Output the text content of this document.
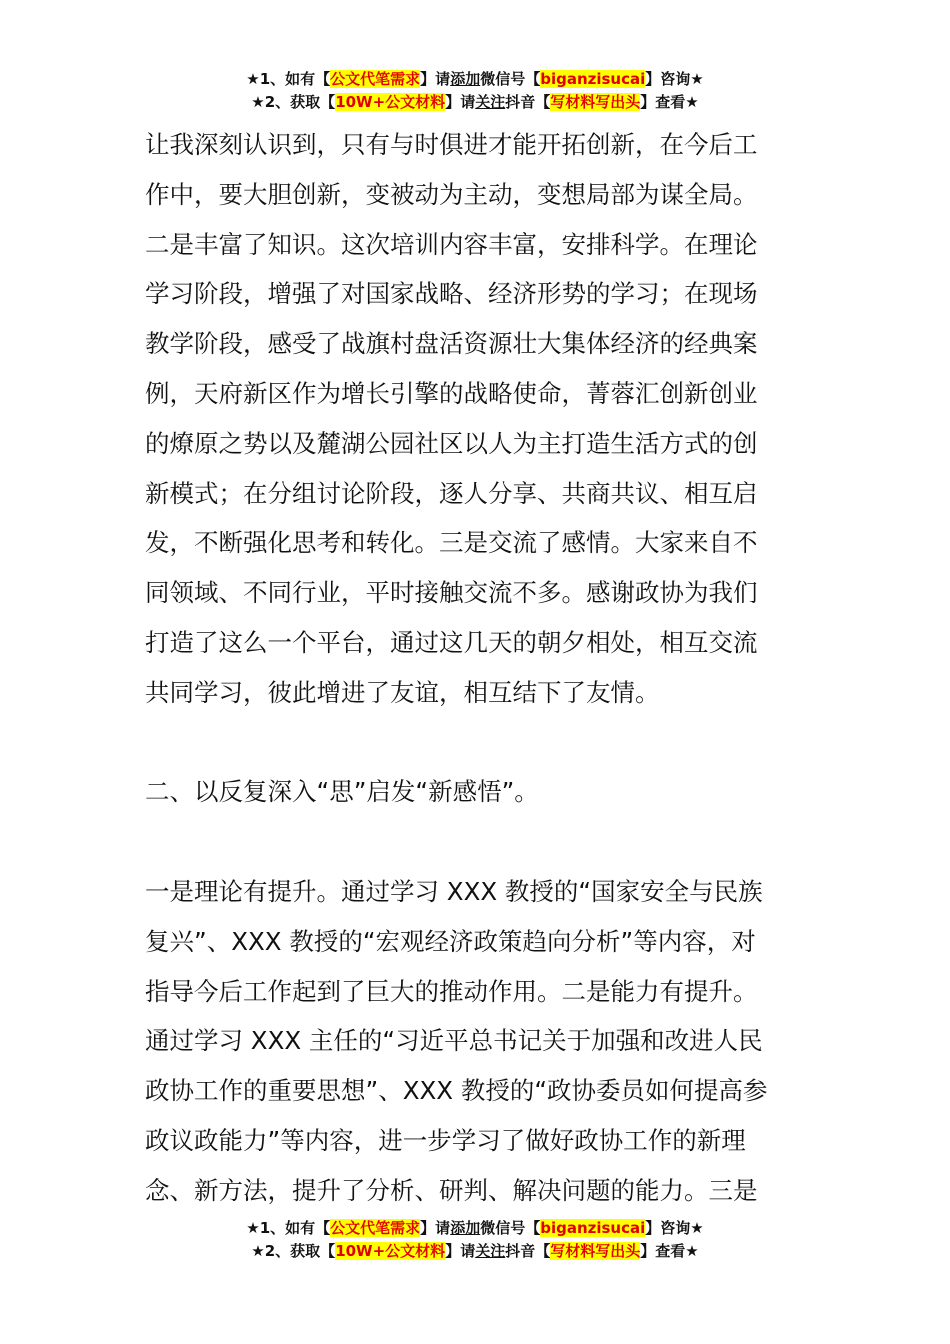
★1、如有【公文代笔需求】请添加微信号【biganzisucai】咨询★
★2、获取【10W+公文材料】请关注抖音【写材料写出头】查看★
让我深刻认识到，只有与时俱进才能开拓创新，在今后工
作中，要大胆创新，变被动为主动，变想局部为谋全局。
二是丰富了知识。这次培训内容丰富，安排科学。在理论
学习阶段，增强了对国家战略、经济形势的学习；在现场
教学阶段，感受了战旗村盘活资源壮大集体经济的经典案
例，天府新区作为增长引擎的战略使命，菁蓉汇创新创业
的燎原之势以及麓湖公园社区以人为主打造生活方式的创
新模式；在分组讨论阶段，逐人分享、共商共议、相互启
发，不断强化思考和转化。三是交流了感情。大家来自不
同领域、不同行业，平时接触交流不多。感谢政协为我们
打造了这么一个平台，通过这几天的朝夕相处，相互交流
共同学习，彼此增进了友谊，相互结下了友情。
二、以反复深入“思”启发“新感悟”。
一是理论有提升。通过学习 XXX 教授的“国家安全与民族
复兴”、XXX 教授的“宏观经济政策趋向分析”等内容，对
指导今后工作起到了巨大的推动作用。二是能力有提升。
通过学习 XXX 主任的“习近平总书记关于加强和改进人民
政协工作的重要思想”、XXX 教授的“政协委员如何提高参
政议政能力”等内容，进一步学习了做好政协工作的新理
念、新方法，提升了分析、研判、解决问题的能力。三是
★1、如有【公文代笔需求】请添加微信号【biganzisucai】咨询★
★2、获取【10W+公文材料】请关注抖音【写材料写出头】查看★
